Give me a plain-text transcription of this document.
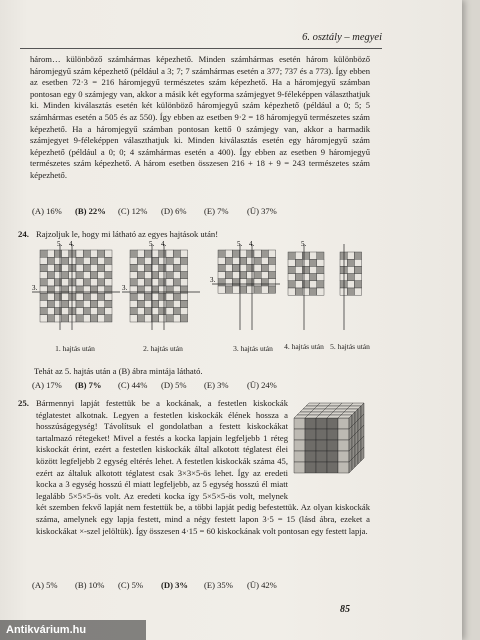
6. osztály – megyei
három… különböző számhármas képezhető. Minden számhármas esetén három különböző háromjegyű szám képezhető (például a 3; 7; 7 számhármas esetén a 377; 737 és a 773). Így ebben az esetben 72·3 = 216 háromjegyű természetes szám képezhető. Ha a háromjegyű számban pontosan egy 0 számjegy van, akkor a másik két egyforma számjegyet 9-féleképpen választhatjuk ki. Minden kiválasztás esetén két különböző háromjegyű szám képezhető (például a 0; 5; 5 számhármas esetén a 505 és az 550). Így ebben az esetben 9·2 = 18 háromjegyű természetes szám képezhető. Ha a háromjegyű számban pontosan kettő 0 számjegy van, akkor a harmadik számjegyet 9-féleképpen választhatjuk ki. Minden kiválasztás esetén egy háromjegyű szám képezhető (például a 0; 0; 4 számhármas esetén a 400). Így ebben az esetben 9 háromjegyű természetes szám képezhető. A három esetben összesen 216 + 18 + 9 = 243 természetes szám képezhető.
(A) 16%	(B) 22%	(C) 12%	(D) 6%	(E) 7%	(Ü) 37%
24. Rajzoljuk le, hogy mi látható az egyes hajtások után!
5. 4.
3.
5. 4.
3.
5. 4.
3.
5.
1. hajtás után	2. hajtás után	3. hajtás után	4. hajtás után 5. hajtás után
Tehát az 5. hajtás után a (B) ábra mintája látható.
(A) 17%	(B) 7%	(C) 44%	(D) 5%	(E) 3%	(Ü) 24%
25. Bármennyi lapját festettük be a kockának, a festetlen kiskockák téglatestet alkotnak. Legyen a festetlen kiskockák élének hossza a hosszúságegység! Távolítsuk el gondolatban a festett kiskockákat tartalmazó rétegeket! Mivel a festés a kocka lapjain legfeljebb 1 réteg kiskockát érint, ezért a festetlen kiskockák által alkotott téglatest élei között legfeljebb 2 egység eltérés lehet. A festetlen kiskockák száma 45, ezért az általuk alkotott téglatest csak 3×3×5-ös lehet. Így az eredeti kocka a 3 egység hosszú él miatt legfeljebb, az 5 egység hosszú él miatt legalább 5×5×5-ös volt. Az eredeti kocka így 5×5×5-ös volt, melynek két szemben fekvő lapját nem festettük be, a többi lapját pedig befestettük. Az olyan kiskockák száma, amelynek egy lapja festett, mind a négy festett lapon 3·5 = 15 (lásd ábra, ezeket a kiskockákat ×-szel jelöltük). Így összesen 4·15 = 60 kiskockának volt pontosan egy festett lapja.
(A) 5%	(B) 10%	(C) 5%	(D) 3%	(E) 35%	(Ü) 42%
85
Antikvárium.hu
